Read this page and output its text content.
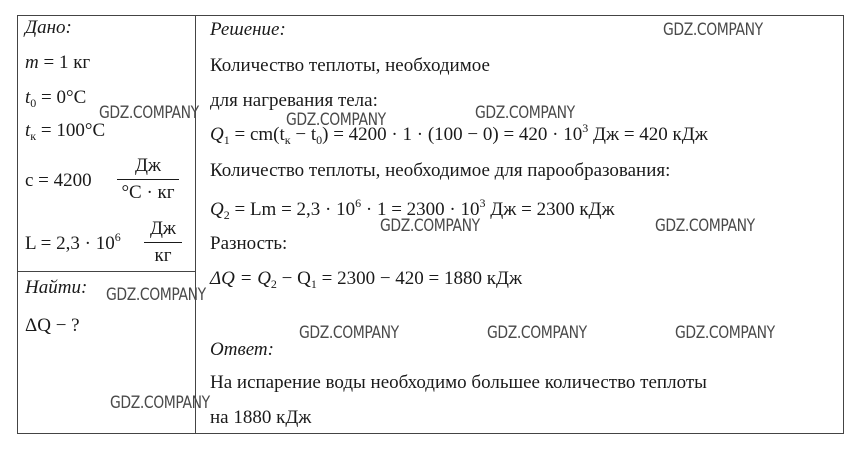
Дано:
m = 1 кг
$t_0 = 0^\circ C$
$t_к = 100^\circ C$
c = 4200
Дж
°C · кг
$L = 2,3 \cdot 10^6$	Дж
кг
Найти:
ΔQ − ?
Решение:
Количество теплоты, необходимое
для нагревания тела:
$Q_1 = cm(t_к - t_0) = 4200 \cdot 1 \cdot (100 - 0) = 420 \cdot 10^3$ Дж = 420 кДж
Количество теплоты, необходимое для парообразования:
$Q_2 = Lm = 2,3 \cdot 10^6 \cdot 1 = 2300 \cdot 10^3$ Дж = 2300 кДж
Разность:
$\Delta Q = Q_2 - Q_1 = 2300 - 420 = 1880$ кДж
Ответ:
На испарение воды необходимо большее количество теплоты
на 1880 кДж
GDZ.COMPANY
GDZ.COMPANY	GDZ.COMPANY	GDZ.COMPANY
GDZ.COMPANY	GDZ.COMPANY
GDZ.COMPANY
GDZ.COMPANY	GDZ.COMPANY	GDZ.COMPANY
GDZ.COMPANY
